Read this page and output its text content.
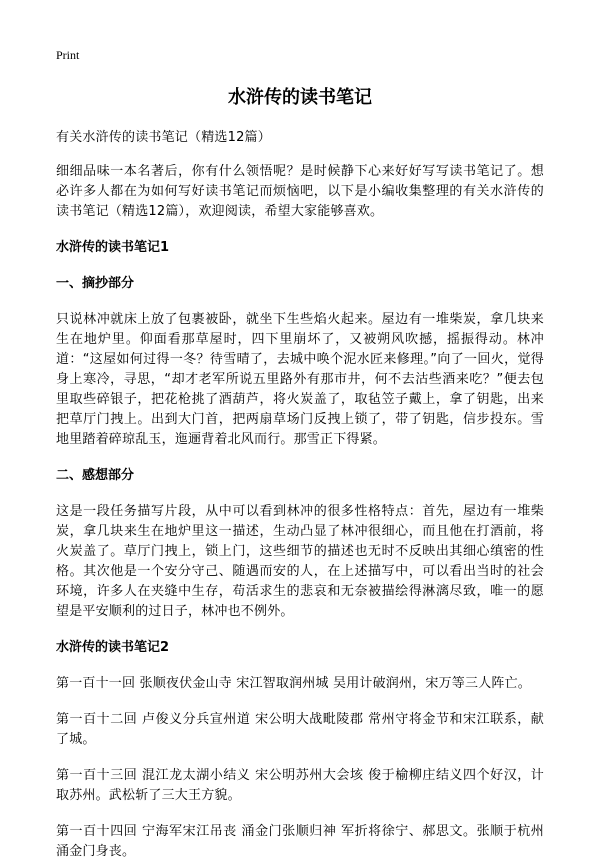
Print
水浒传的读书笔记

有关水浒传的读书笔记（精选12篇）

细细品味一本名著后，你有什么领悟呢？是时候静下心来好好写写读书笔记了。想必许多人都在为如何写好读书笔记而烦恼吧，以下是小编收集整理的有关水浒传的读书笔记（精选12篇），欢迎阅读，希望大家能够喜欢。

水浒传的读书笔记1
一、摘抄部分

只说林冲就床上放了包裹被卧，就坐下生些焰火起来。屋边有一堆柴炭，拿几块来生在地炉里。仰面看那草屋时，四下里崩坏了，又被朔风吹撼，摇振得动。林冲道：“这屋如何过得一冬？待雪晴了，去城中唤个泥水匠来修理。”向了一回火，觉得身上寒冷，寻思，“却才老军所说五里路外有那市井，何不去沽些酒来吃？”便去包里取些碎银子，把花枪挑了酒葫芦，将火炭盖了，取毡笠子戴上，拿了钥匙，出来把草厅门拽上。出到大门首，把两扇草场门反拽上锁了，带了钥匙，信步投东。雪地里踏着碎琼乱玉，迤逦背着北风而行。那雪正下得紧。

二、感想部分

这是一段任务描写片段，从中可以看到林冲的很多性格特点：首先，屋边有一堆柴炭，拿几块来生在地炉里这一描述，生动凸显了林冲很细心，而且他在打酒前，将火炭盖了。草厅门拽上，锁上门，这些细节的描述也无时不反映出其细心缜密的性格。其次他是一个安分守己、随遇而安的人，在上述描写中，可以看出当时的社会环境，许多人在夹缝中生存，苟活求生的悲哀和无奈被描绘得淋漓尽致，唯一的愿望是平安顺利的过日子，林冲也不例外。

水浒传的读书笔记2

第一百十一回 张顺夜伏金山寺 宋江智取润州城 吴用计破润州，宋万等三人阵亡。

第一百十二回 卢俊义分兵宣州道 宋公明大战毗陵郡 常州守将金节和宋江联系，献了城。

第一百十三回 混江龙太湖小结义 宋公明苏州大会垓 俊于榆柳庄结义四个好汉，计取苏州。武松斩了三大王方貌。

第一百十四回 宁海军宋江吊丧 涌金门张顺归神 军折将徐宁、郝思文。张顺于杭州涌金门身丧。
